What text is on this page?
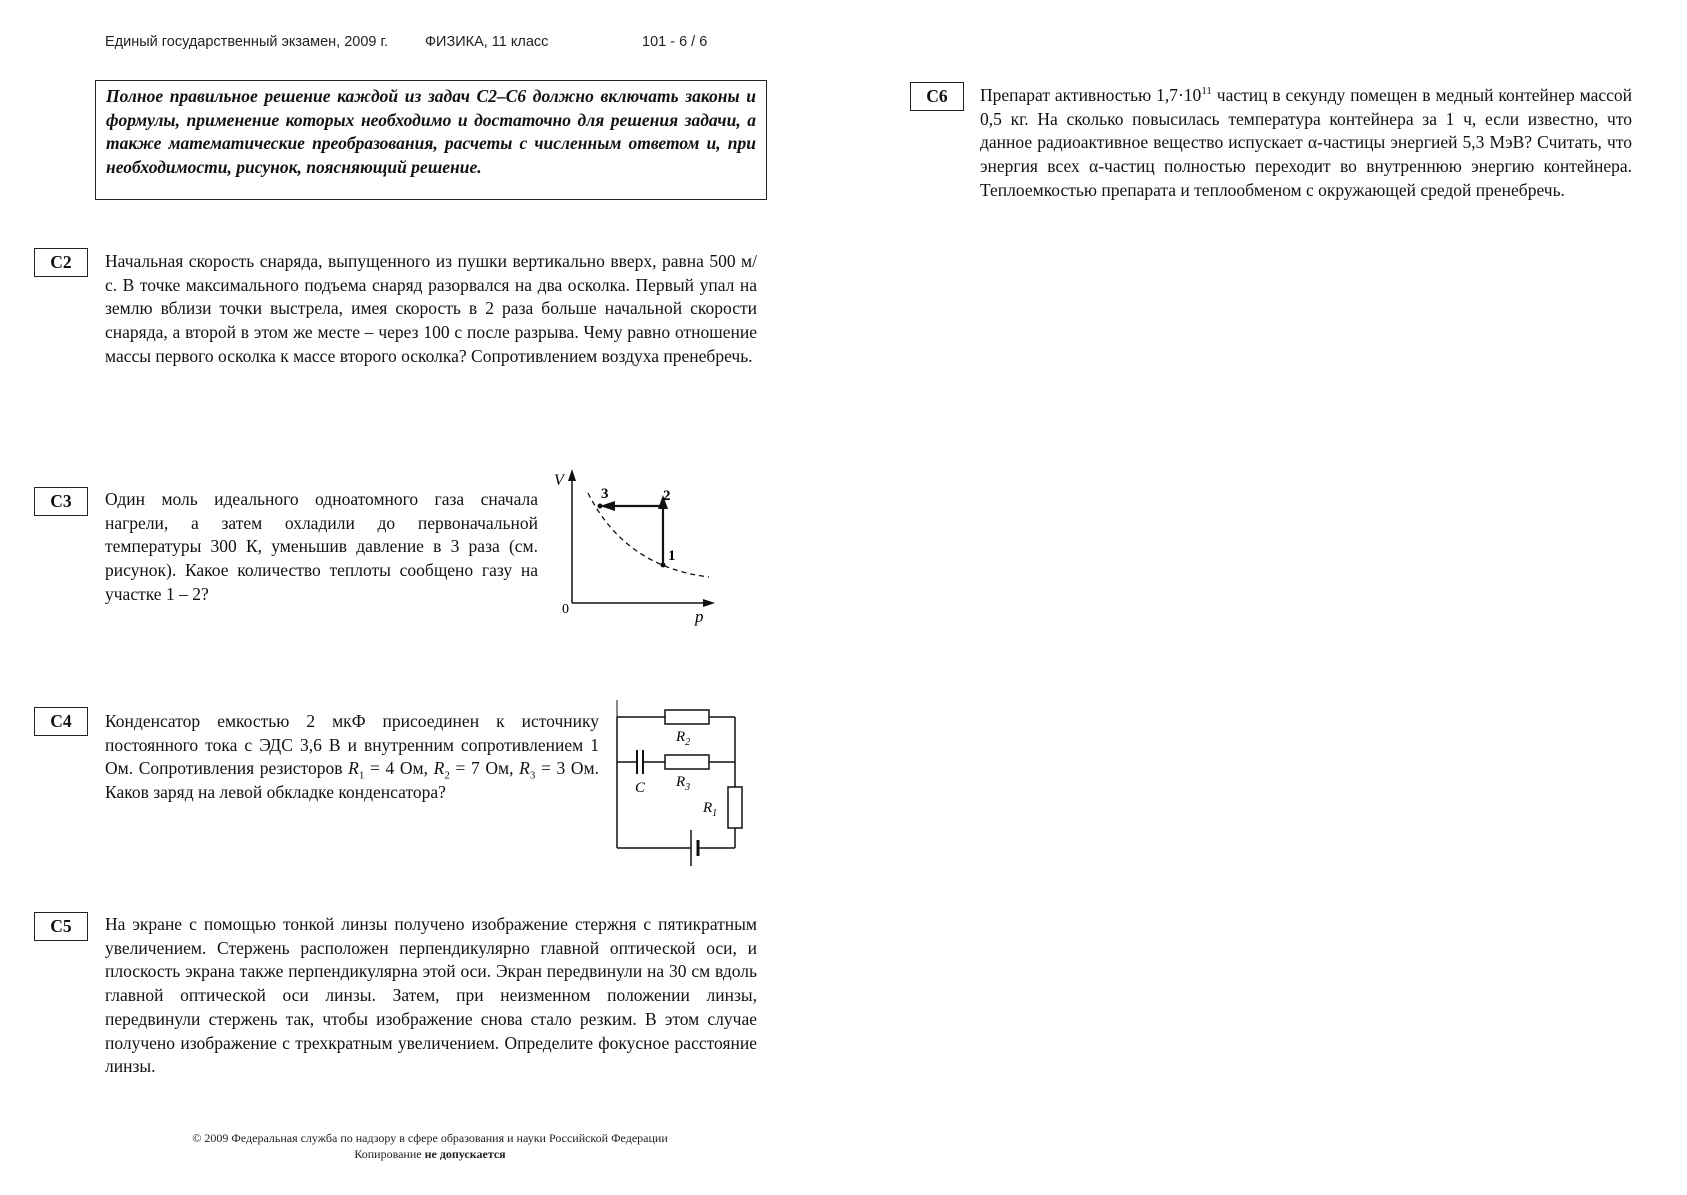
Единый государственный экзамен, 2009 г.	ФИЗИКА, 11 класс	101 - 6 / 6
Полное правильное решение каждой из задач С2–С6 должно включать законы и формулы, применение которых необходимо и достаточно для решения задачи, а также математические преобразования, расчеты с численным ответом и, при необходимости, рисунок, поясняющий решение.
С2	Начальная скорость снаряда, выпущенного из пушки вертикально вверх, равна 500 м/с. В точке максимального подъема снаряд разорвался на два осколка. Первый упал на землю вблизи точки выстрела, имея скорость в 2 раза больше начальной скорости снаряда, а второй в этом же месте – через 100 с после разрыва. Чему равно отношение массы первого осколка к массе второго осколка? Сопротивлением воздуха пренебречь.
С3	Один моль идеального одноатомного газа сначала нагрели, а затем охладили до первоначальной температуры 300 К, уменьшив давление в 3 раза (см. рисунок). Какое количество теплоты сообщено газу на участке 1 – 2?
V
p
0
1
2
3
С4	Конденсатор емкостью 2 мкФ присоединен к источнику постоянного тока с ЭДС 3,6 В и внутренним сопротивлением 1 Ом. Сопротивления резисторов $R_1 = 4$ Ом, $R_2 = 7$ Ом, $R_3 = 3$ Ом. Каков заряд на левой обкладке конденсатора?
$R_2$
$R_3$
$R_1$
C
С5	На экране с помощью тонкой линзы получено изображение стержня с пятикратным увеличением. Стержень расположен перпендикулярно главной оптической оси, и плоскость экрана также перпендикулярна этой оси. Экран передвинули на 30 см вдоль главной оптической оси линзы. Затем, при неизменном положении линзы, передвинули стержень так, чтобы изображение снова стало резким. В этом случае получено изображение с трехкратным увеличением. Определите фокусное расстояние линзы.
С6	Препарат активностью $1,7\cdot 10^{11}$ частиц в секунду помещен в медный контейнер массой 0,5 кг. На сколько повысилась температура контейнера за 1 ч, если известно, что данное радиоактивное вещество испускает α-частицы энергией 5,3 МэВ? Считать, что энергия всех α-частиц полностью переходит во внутреннюю энергию контейнера. Теплоемкостью препарата и теплообменом с окружающей средой пренебречь.
© 2009 Федеральная служба по надзору в сфере образования и науки Российской Федерации
Копирование не допускается
